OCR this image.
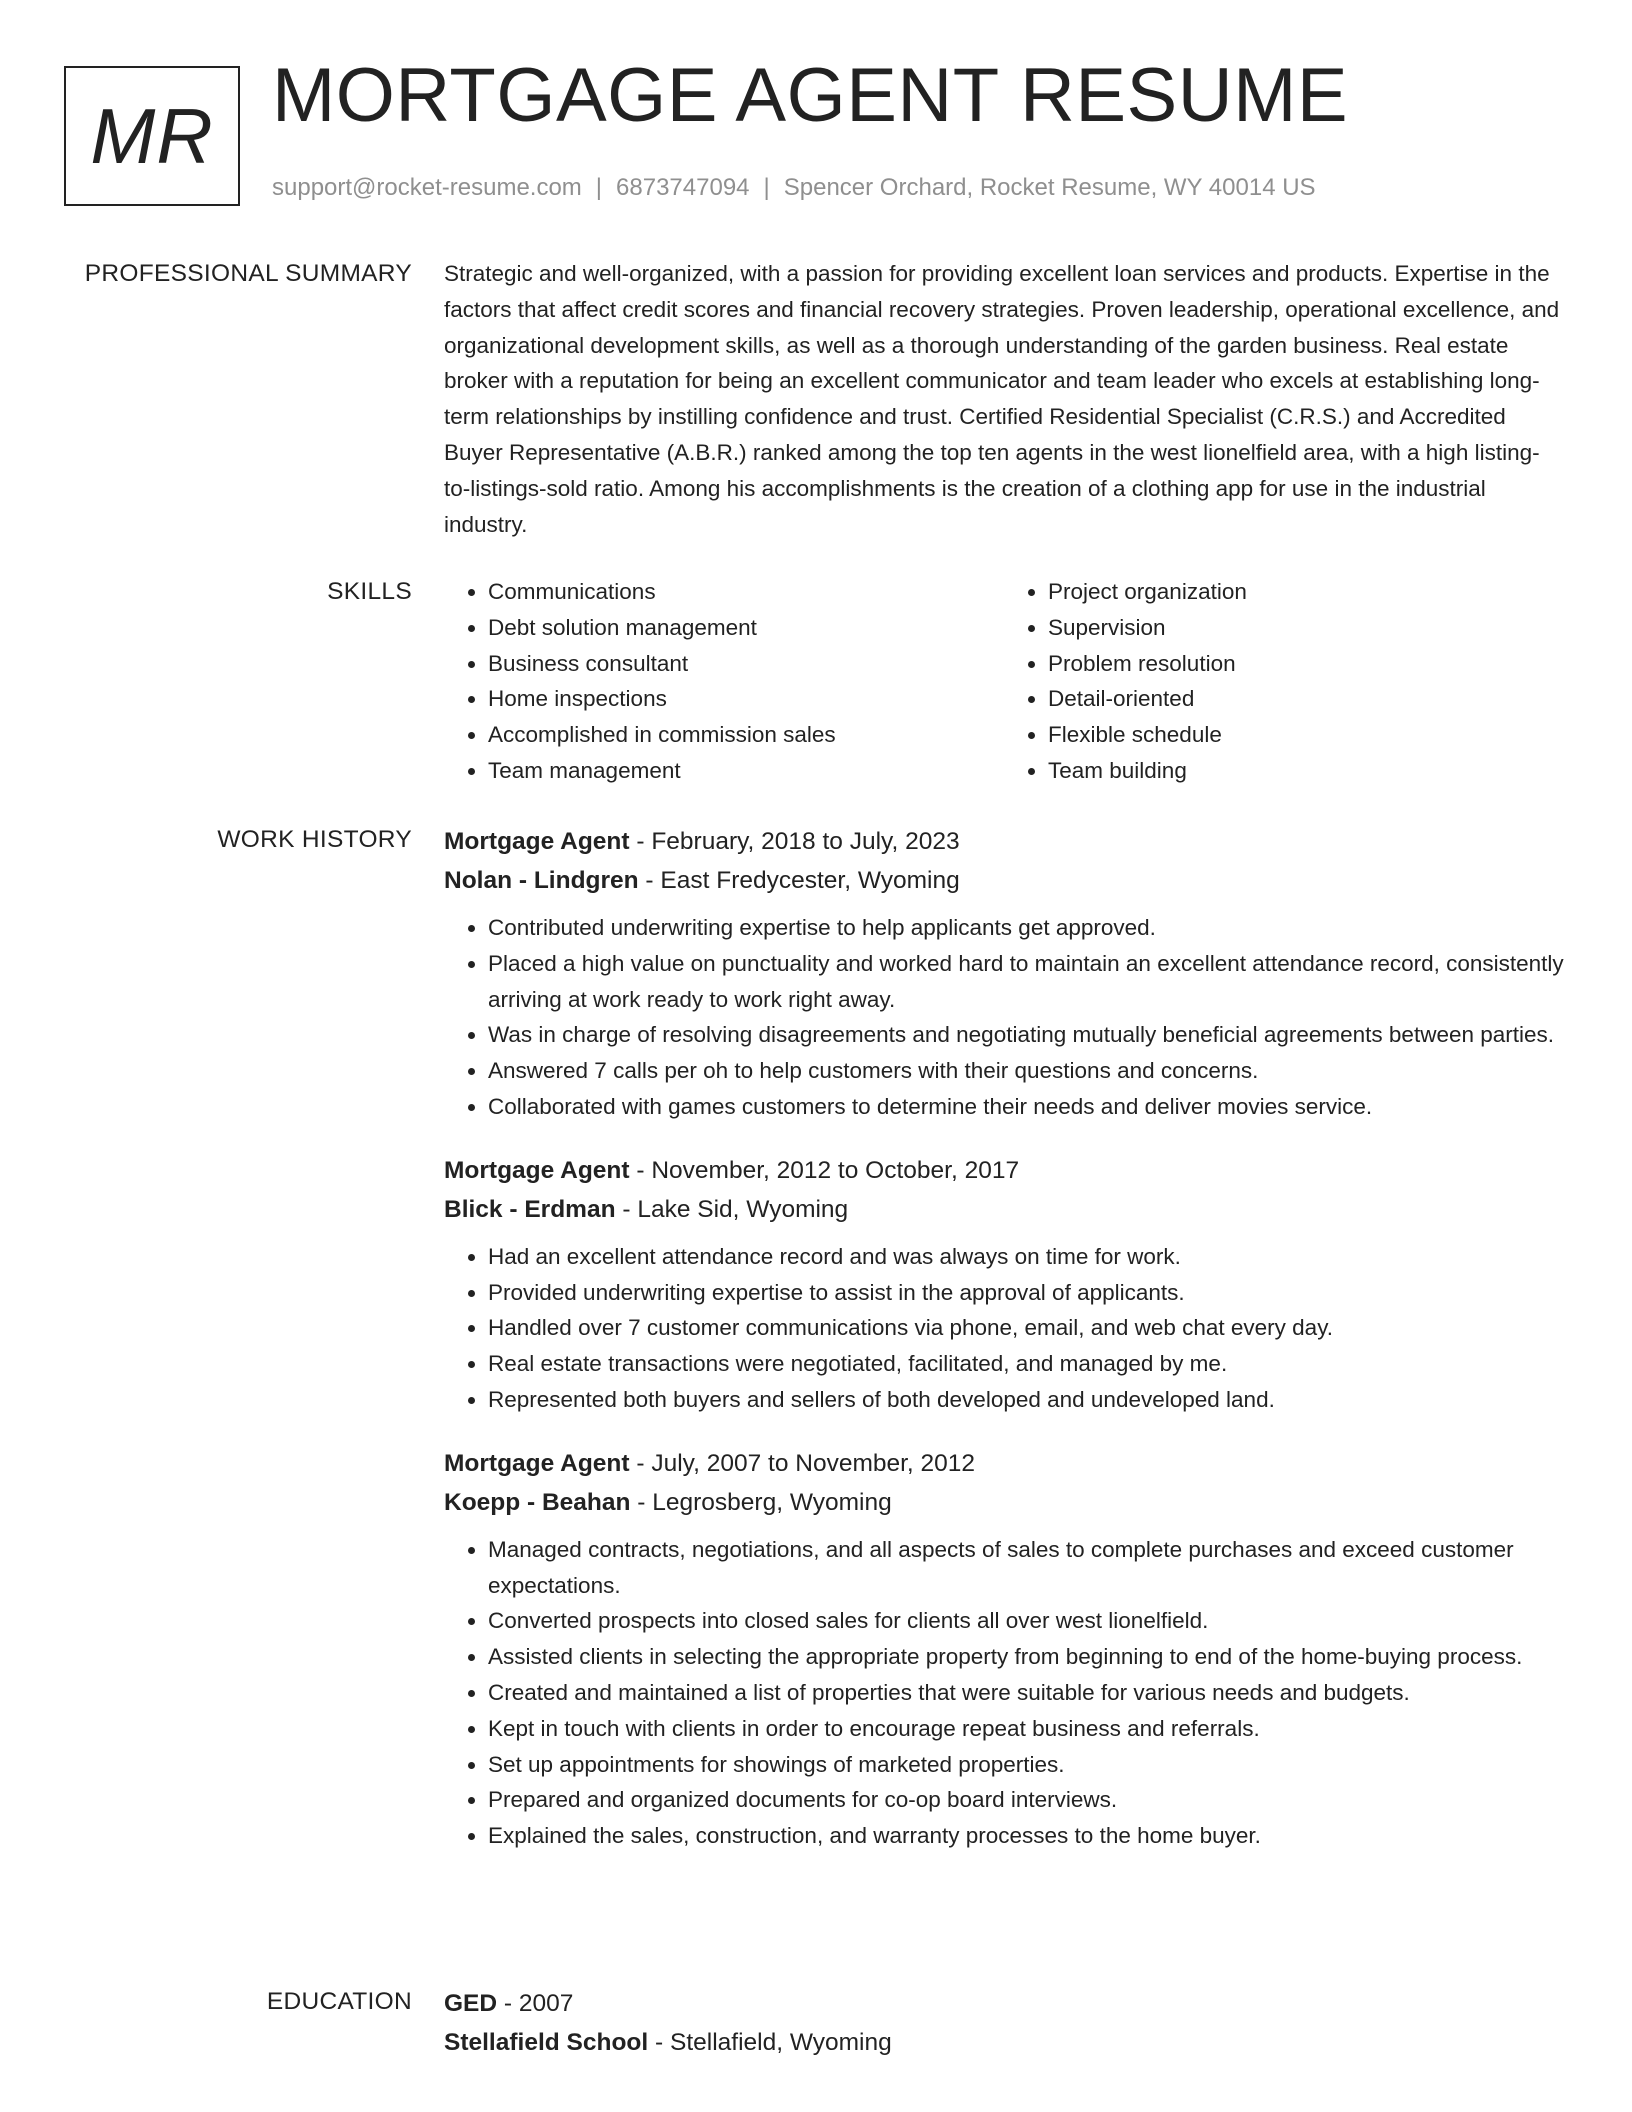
MR MORTGAGE AGENT RESUME
support@rocket-resume.com | 6873747094 | Spencer Orchard, Rocket Resume, WY 40014 US
PROFESSIONAL SUMMARY Strategic and well-organized, with a passion for providing excellent loan services and products. Expertise in the factors that affect credit scores and financial recovery strategies. Proven leadership, operational excellence, and organizational development skills, as well as a thorough understanding of the garden business. Real estate broker with a reputation for being an excellent communicator and team leader who excels at establishing long-term relationships by instilling confidence and trust. Certified Residential Specialist (C.R.S.) and Accredited Buyer Representative (A.B.R.) ranked among the top ten agents in the west lionelfield area, with a high listing-to-listings-sold ratio. Among his accomplishments is the creation of a clothing app for use in the industrial industry.
SKILLS
•	Communications
• Debt solution management
• Business consultant
• Home inspections
• Accomplished in commission sales
• Team management
• Project organization
• Supervision
• Problem resolution
• Detail-oriented
• Flexible schedule
• Team building
WORK HISTORY Mortgage Agent - February, 2018 to July, 2023
Nolan - Lindgren - East Fredycester, Wyoming
• Contributed underwriting expertise to help applicants get approved.
• Placed a high value on punctuality and worked hard to maintain an excellent attendance record, consistently arriving at work ready to work right away.
• Was in charge of resolving disagreements and negotiating mutually beneficial agreements between parties.
• Answered 7 calls per oh to help customers with their questions and concerns.
• Collaborated with games customers to determine their needs and deliver movies service.
Mortgage Agent - November, 2012 to October, 2017
Blick - Erdman - Lake Sid, Wyoming
• Had an excellent attendance record and was always on time for work.
• Provided underwriting expertise to assist in the approval of applicants.
• Handled over 7 customer communications via phone, email, and web chat every day.
• Real estate transactions were negotiated, facilitated, and managed by me.
• Represented both buyers and sellers of both developed and undeveloped land.
Mortgage Agent - July, 2007 to November, 2012
Koepp - Beahan - Legrosberg, Wyoming
• Managed contracts, negotiations, and all aspects of sales to complete purchases and exceed customer expectations.
• Converted prospects into closed sales for clients all over west lionelfield.
• Assisted clients in selecting the appropriate property from beginning to end of the home-buying process.
• Created and maintained a list of properties that were suitable for various needs and budgets.
• Kept in touch with clients in order to encourage repeat business and referrals.
• Set up appointments for showings of marketed properties.
• Prepared and organized documents for co-op board interviews.
• Explained the sales, construction, and warranty processes to the home buyer.
EDUCATION GED - 2007
Stellafield School - Stellafield, Wyoming
